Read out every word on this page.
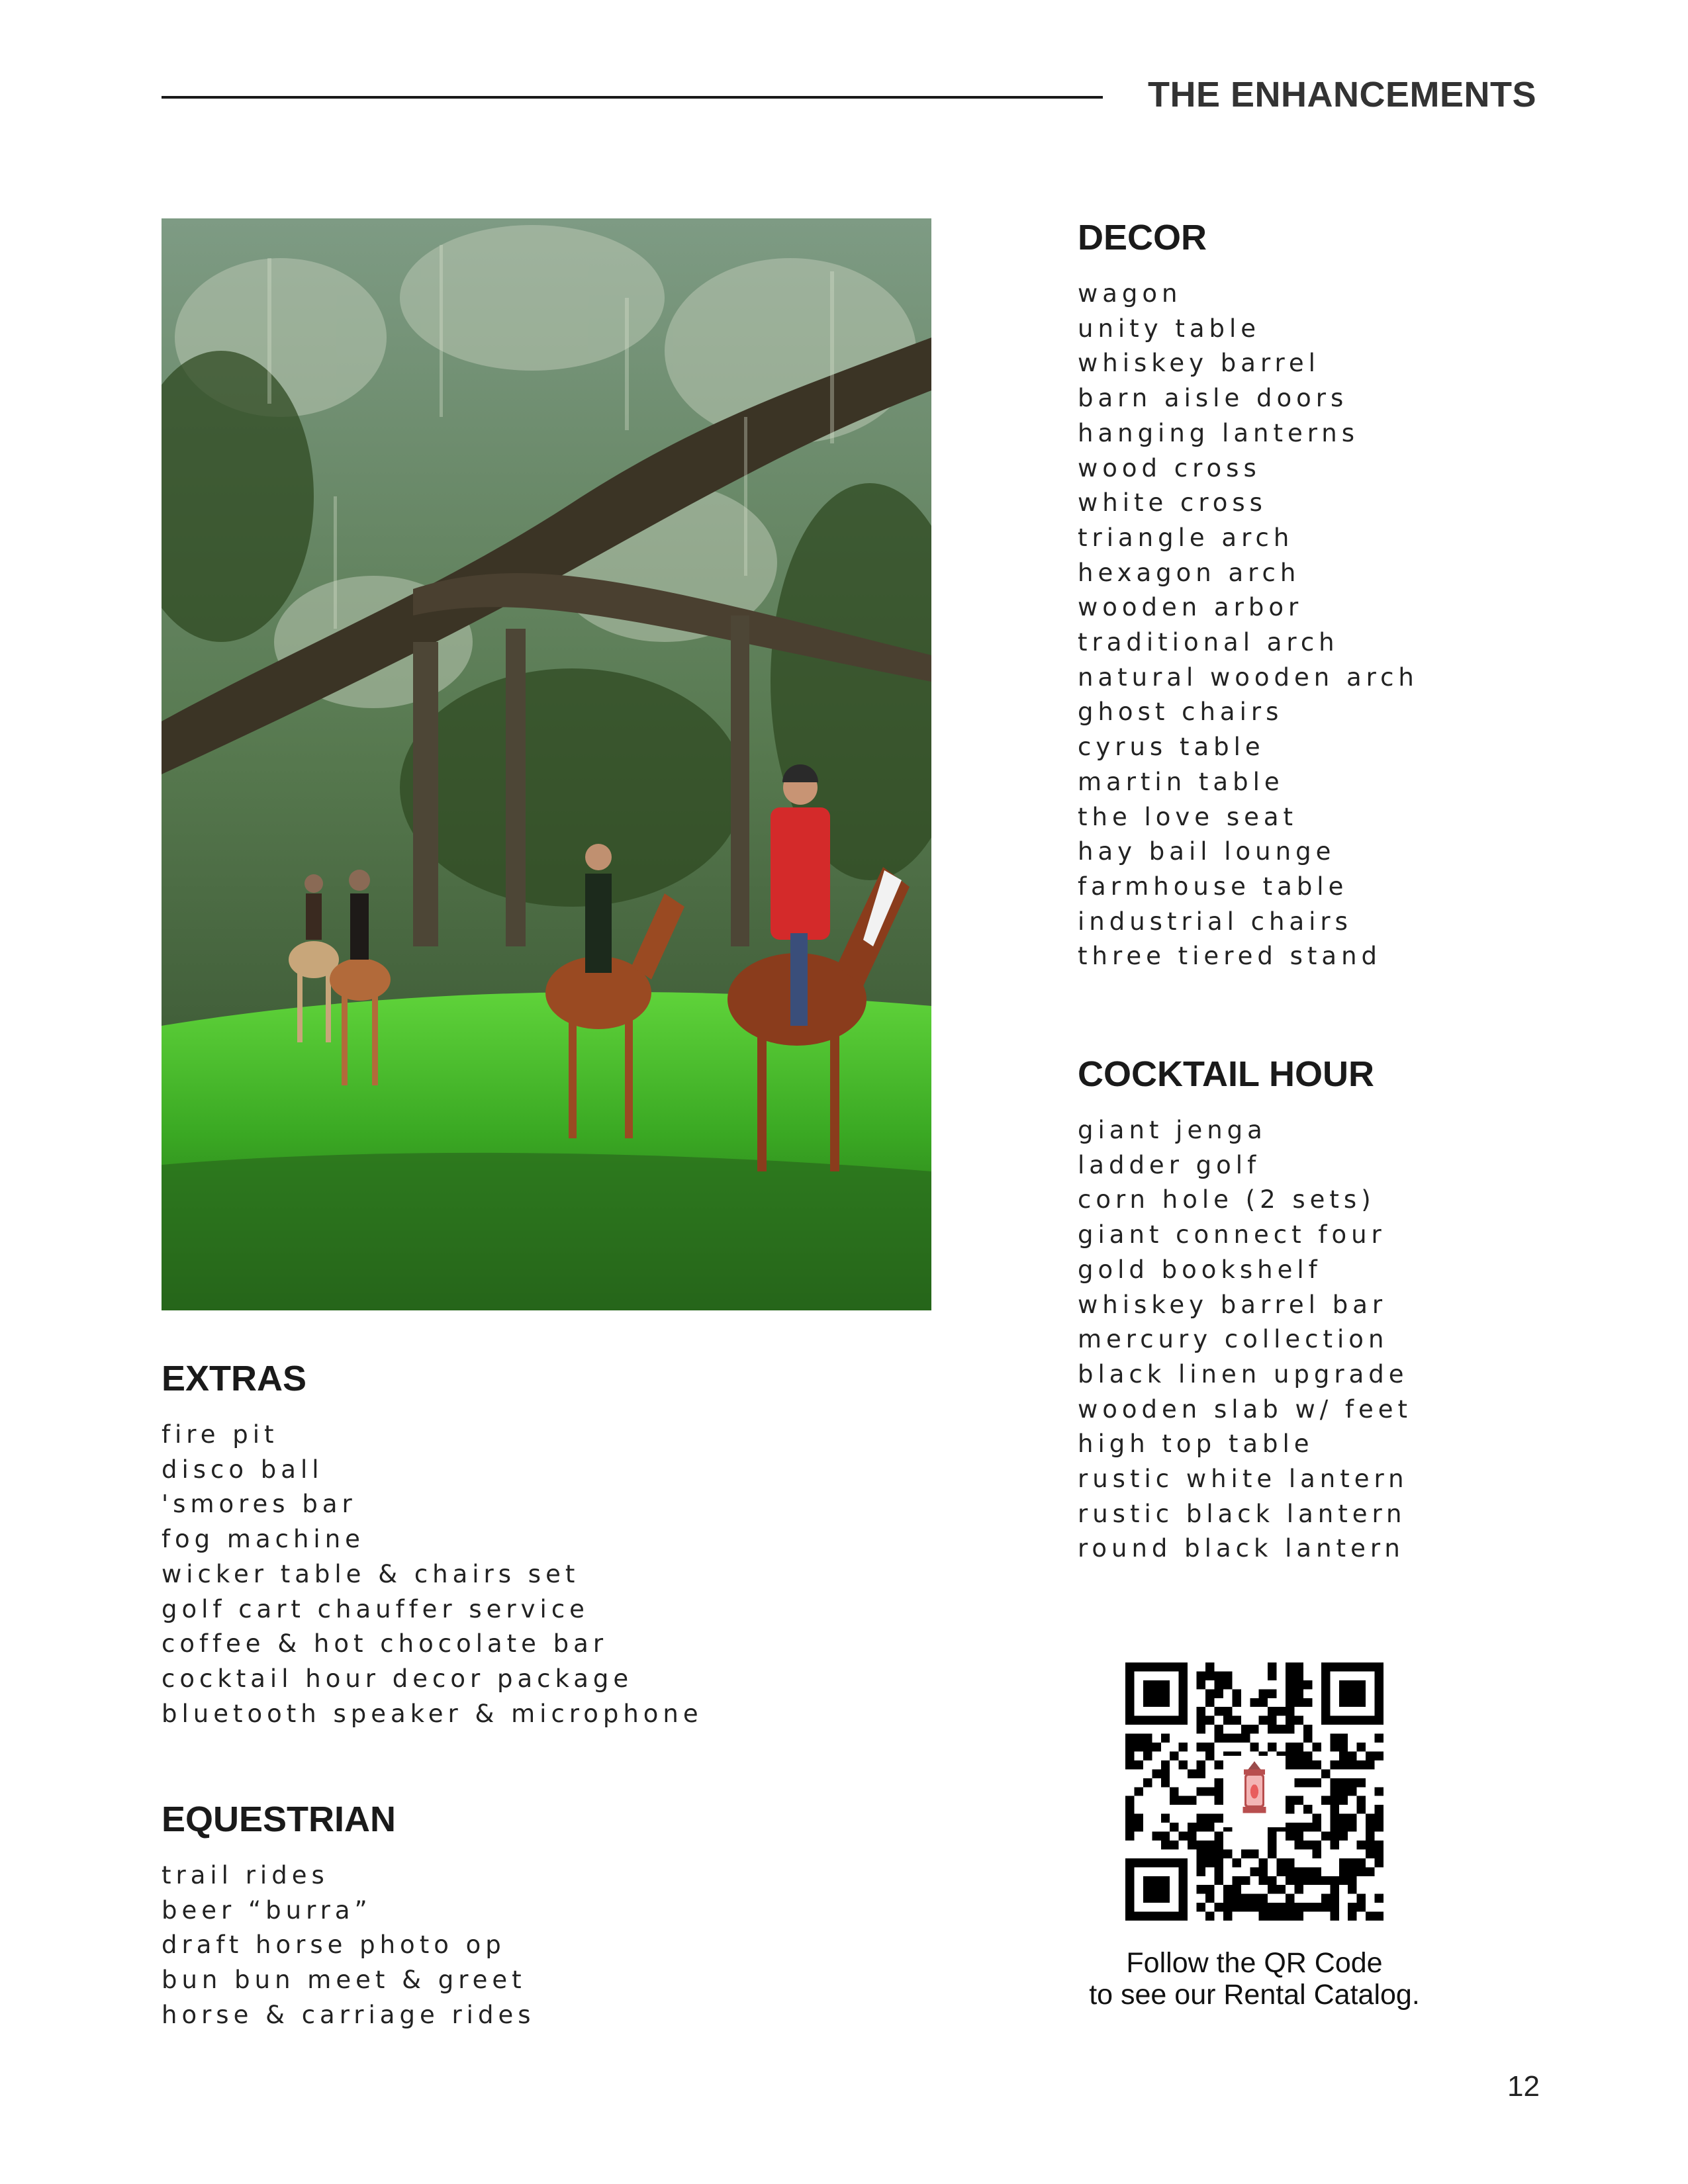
THE ENHANCEMENTS
DECOR
wagon
unity table
whiskey barrel
barn aisle doors
hanging lanterns
wood cross
white cross
triangle arch
hexagon arch
wooden arbor
traditional arch
natural wooden arch
ghost chairs
cyrus table
martin table
the love seat
hay bail lounge
farmhouse table
industrial chairs
three tiered stand
COCKTAIL HOUR
giant jenga
ladder golf
corn hole (2 sets)
giant connect four
gold bookshelf
whiskey barrel bar
mercury collection
black linen upgrade
wooden slab w/ feet
high top table
rustic white lantern
rustic black lantern
round black lantern
EXTRAS
fire pit
disco ball
'smores bar
fog machine
wicker table & chairs set
golf cart chauffer service
coffee & hot chocolate bar
cocktail hour decor package
bluetooth speaker & microphone
EQUESTRIAN
trail rides
beer “burra”
draft horse photo op
bun bun meet & greet
horse & carriage rides
Follow the QR Code
to see our Rental Catalog.
12
